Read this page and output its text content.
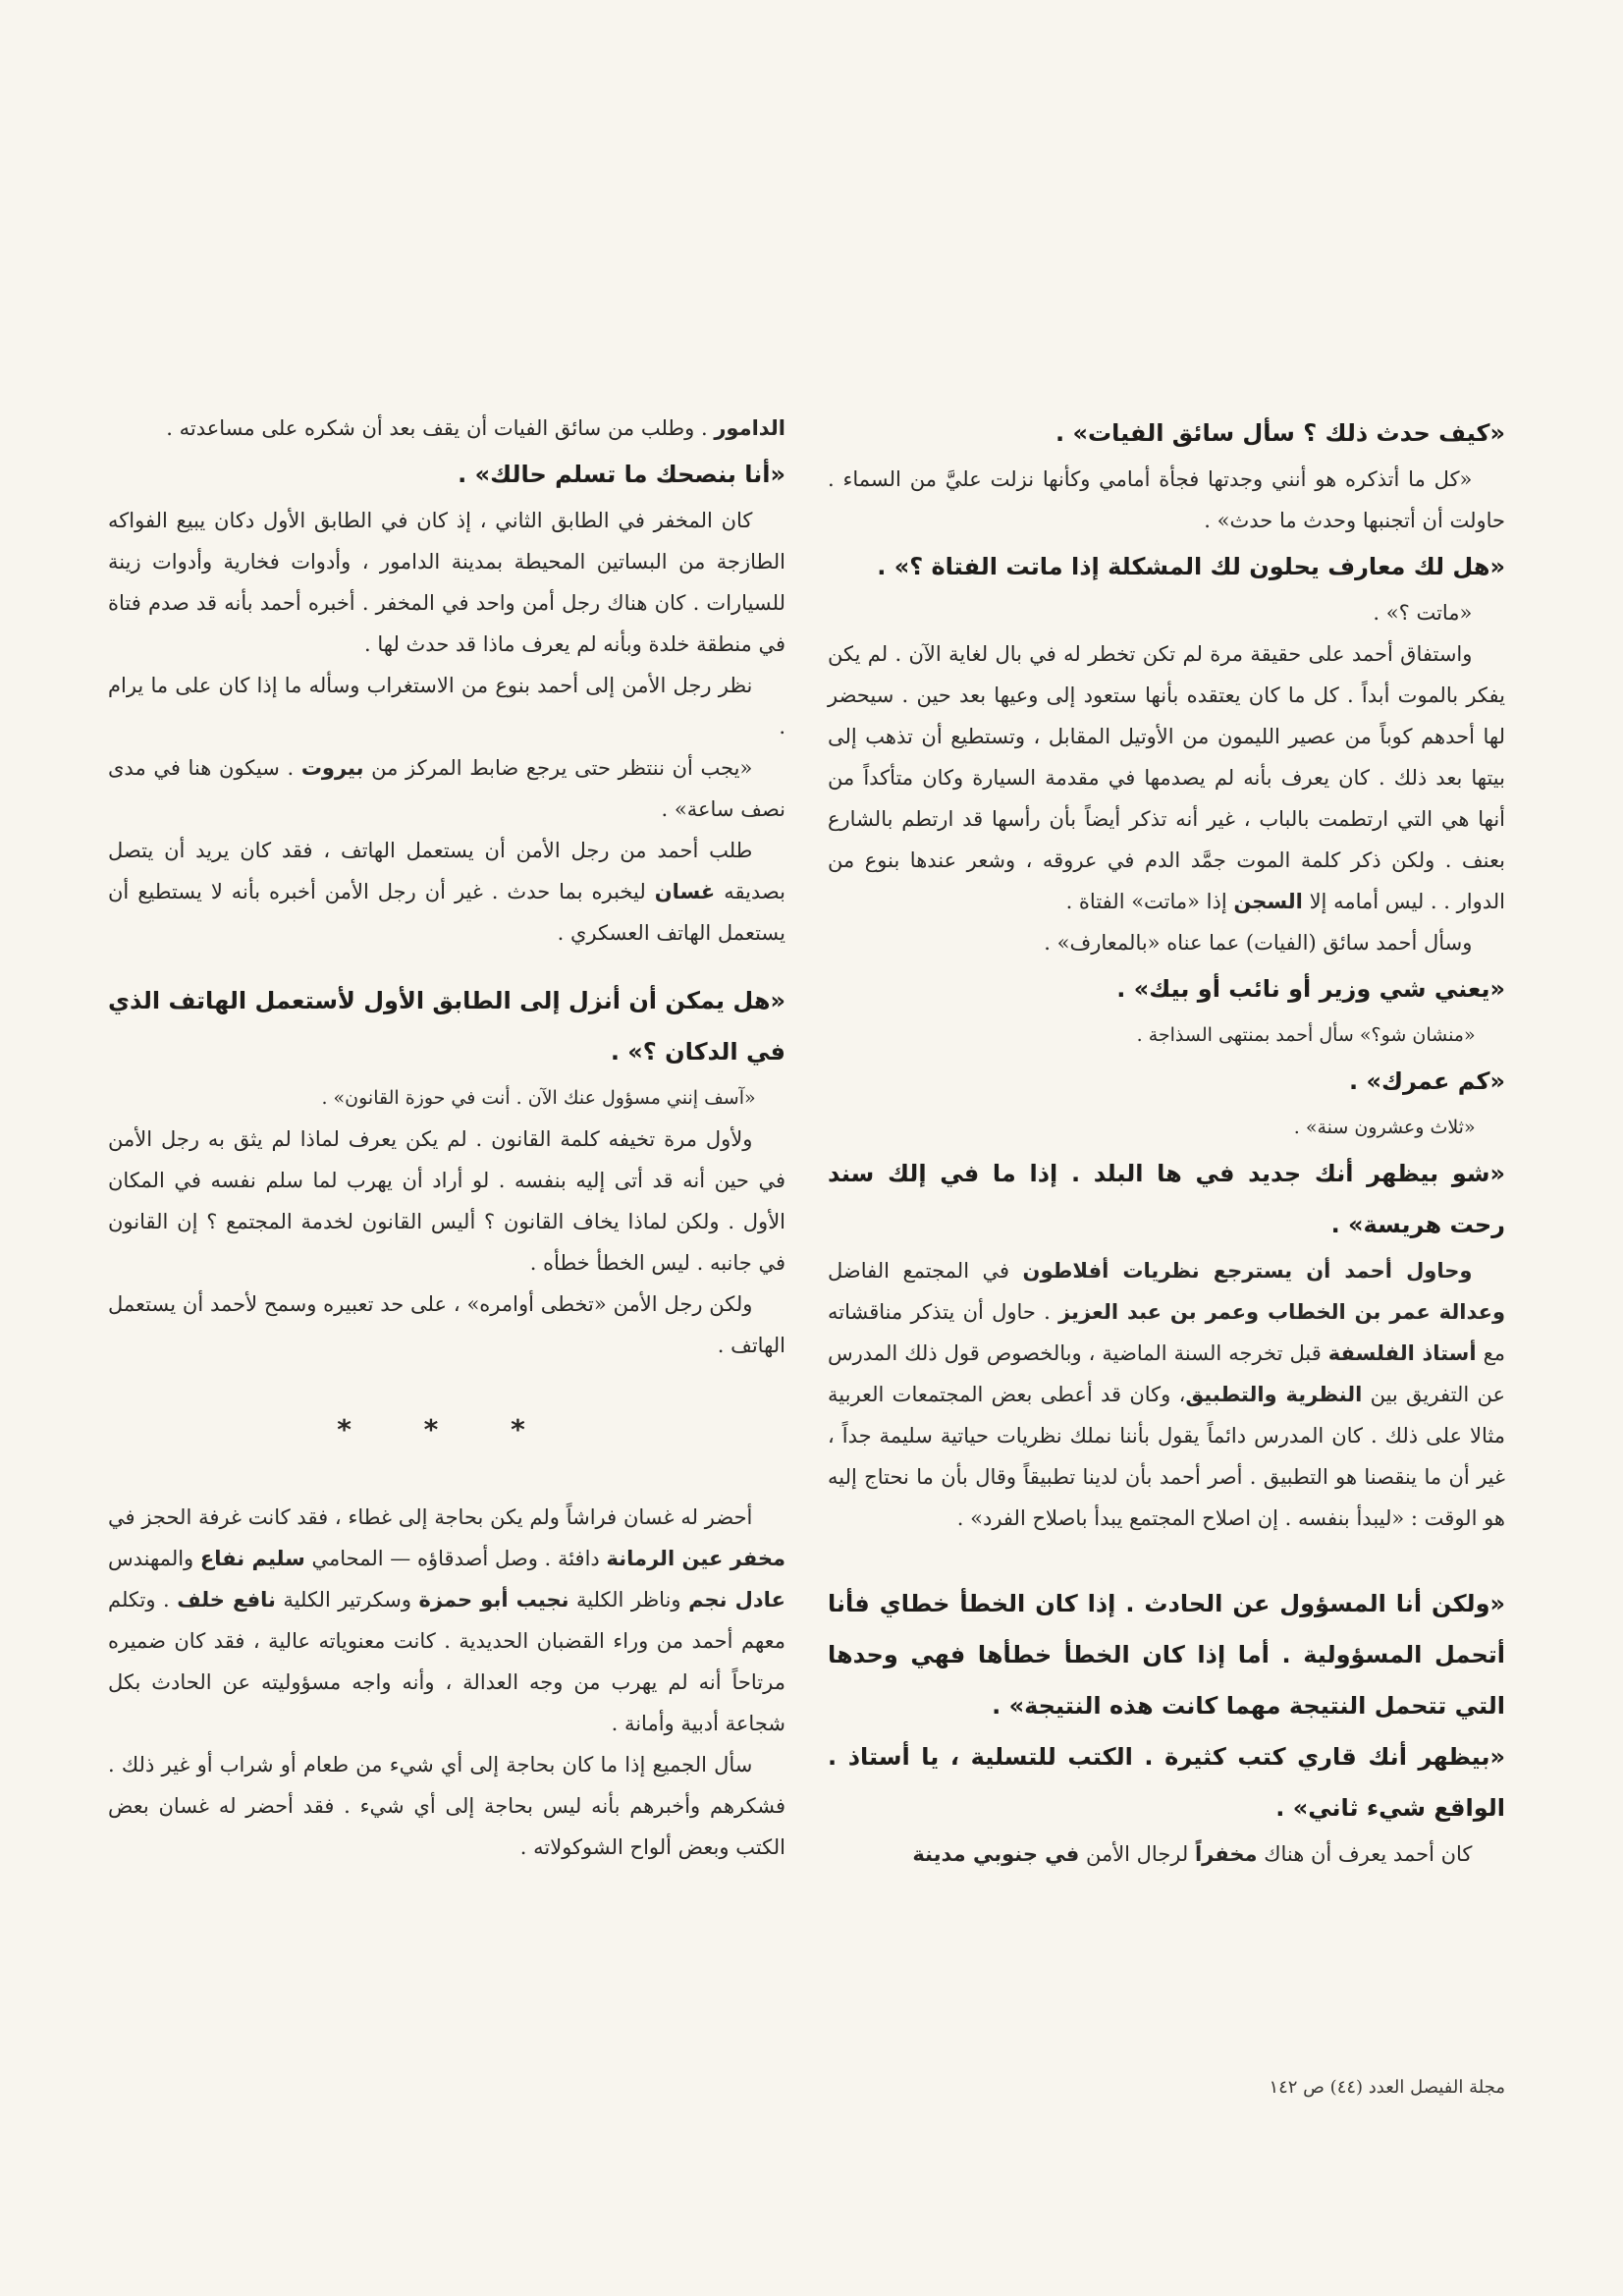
«كيف حدث ذلك ؟ سأل سائق الفيات» .

«كل ما أتذكره هو أنني وجدتها فجأة أمامي وكأنها نزلت عليَّ من السماء . حاولت أن أتجنبها وحدث ما حدث» .

«هل لك معارف يحلون لك المشكلة إذا ماتت الفتاة ؟» .

«ماتت ؟» .

واستفاق أحمد على حقيقة مرة لم تكن تخطر له في بال لغاية الآن . لم يكن يفكر بالموت أبداً . كل ما كان يعتقده بأنها ستعود إلى وعيها بعد حين . سيحضر لها أحدهم كوباً من عصير الليمون من الأوتيل المقابل ، وتستطيع أن تذهب إلى بيتها بعد ذلك . كان يعرف بأنه لم يصدمها في مقدمة السيارة وكان متأكداً من أنها هي التي ارتطمت بالباب ، غير أنه تذكر أيضاً بأن رأسها قد ارتطم بالشارع بعنف . ولكن ذكر كلمة الموت جمَّد الدم في عروقه ، وشعر عندها بنوع من الدوار . . ليس أمامه إلا السجن إذا «ماتت» الفتاة .

وسأل أحمد سائق (الفيات) عما عناه «بالمعارف» .

«يعني شي وزير أو نائب أو بيك» .

«منشان شو؟» سأل أحمد بمنتهى السذاجة .

«كم عمرك» .

«ثلاث وعشرون سنة» .

«شو بيظهر أنك جديد في ها البلد . إذا ما في إلك سند رحت هريسة» .

وحاول أحمد أن يسترجع نظريات أفلاطون في المجتمع الفاضل وعدالة عمر بن الخطاب وعمر بن عبد العزيز . حاول أن يتذكر مناقشاته مع أستاذ الفلسفة قبل تخرجه السنة الماضية ، وبالخصوص قول ذلك المدرس عن التفريق بين النظرية والتطبيق، وكان قد أعطى بعض المجتمعات العربية مثالا على ذلك . كان المدرس دائماً يقول بأننا نملك نظريات حياتية سليمة جداً ، غير أن ما ينقصنا هو التطبيق . أصر أحمد بأن لدينا تطبيقاً وقال بأن ما نحتاج إليه هو الوقت : «ليبدأ بنفسه . إن اصلاح المجتمع يبدأ باصلاح الفرد» .

«ولكن أنا المسؤول عن الحادث . إذا كان الخطأ خطاي فأنا أتحمل المسؤولية . أما إذا كان الخطأ خطأها فهي وحدها التي تتحمل النتيجة مهما كانت هذه النتيجة» .

«بيظهر أنك قاري كتب كثيرة . الكتب للتسلية ، يا أستاذ . الواقع شيء ثاني» .

كان أحمد يعرف أن هناك مخفراً لرجال الأمن في جنوبي مدينة

الدامور . وطلب من سائق الفيات أن يقف بعد أن شكره على مساعدته .

«أنا بنصحك ما تسلم حالك» .

كان المخفر في الطابق الثاني ، إذ كان في الطابق الأول دكان يبيع الفواكه الطازجة من البساتين المحيطة بمدينة الدامور ، وأدوات فخارية وأدوات زينة للسيارات . كان هناك رجل أمن واحد في المخفر . أخبره أحمد بأنه قد صدم فتاة في منطقة خلدة وبأنه لم يعرف ماذا قد حدث لها .

نظر رجل الأمن إلى أحمد بنوع من الاستغراب وسأله ما إذا كان على ما يرام .

«يجب أن ننتظر حتى يرجع ضابط المركز من بيروت . سيكون هنا في مدى نصف ساعة» .

طلب أحمد من رجل الأمن أن يستعمل الهاتف ، فقد كان يريد أن يتصل بصديقه غسان ليخبره بما حدث . غير أن رجل الأمن أخبره بأنه لا يستطيع أن يستعمل الهاتف العسكري .

«هل يمكن أن أنزل إلى الطابق الأول لأستعمل الهاتف الذي في الدكان ؟» .

«آسف إنني مسؤول عنك الآن . أنت في حوزة القانون» .

ولأول مرة تخيفه كلمة القانون . لم يكن يعرف لماذا لم يثق به رجل الأمن في حين أنه قد أتى إليه بنفسه . لو أراد أن يهرب لما سلم نفسه في المكان الأول . ولكن لماذا يخاف القانون ؟ أليس القانون لخدمة المجتمع ؟ إن القانون في جانبه . ليس الخطأ خطأه .

ولكن رجل الأمن «تخطى أوامره» ، على حد تعبيره وسمح لأحمد أن يستعمل الهاتف .

* * *

أحضر له غسان فراشاً ولم يكن بحاجة إلى غطاء ، فقد كانت غرفة الحجز في مخفر عين الرمانة دافئة . وصل أصدقاؤه — المحامي سليم نفاع والمهندس عادل نجم وناظر الكلية نجيب أبو حمزة وسكرتير الكلية نافع خلف . وتكلم معهم أحمد من وراء القضبان الحديدية . كانت معنوياته عالية ، فقد كان ضميره مرتاحاً أنه لم يهرب من وجه العدالة ، وأنه واجه مسؤوليته عن الحادث بكل شجاعة أدبية وأمانة .

سأل الجميع إذا ما كان بحاجة إلى أي شيء من طعام أو شراب أو غير ذلك . فشكرهم وأخبرهم بأنه ليس بحاجة إلى أي شيء . فقد أحضر له غسان بعض الكتب وبعض ألواح الشوكولاته .

مجلة الفيصل العدد (٤٤) ص ١٤٢
